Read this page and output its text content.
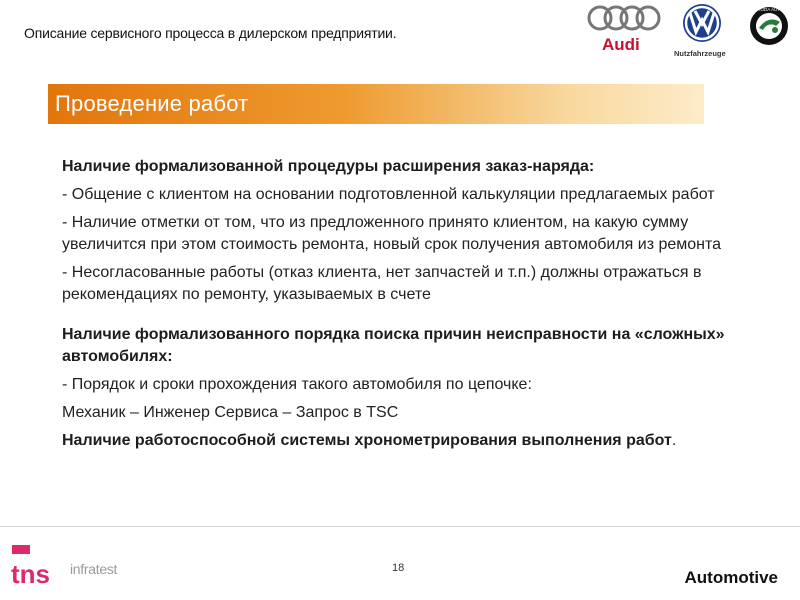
Описание сервисного процесса в дилерском предприятии.
Audi	Nutzfahrzeuge
ŠKODA AUTO
Проведение работ

Наличие формализованной процедуры расширения заказ-наряда:

- Общение с клиентом на основании подготовленной калькуляции предлагаемых работ

- Наличие отметки от том, что из предложенного принято клиентом, на какую сумму увеличится при этом стоимость ремонта, новый срок получения автомобиля из ремонта

- Несогласованные работы (отказ клиента, нет запчастей и т.п.) должны отражаться в рекомендациях по ремонту, указываемых в счете

Наличие формализованного порядка поиска причин неисправности на «сложных» автомобилях:

- Порядок и сроки прохождения такого автомобиля по цепочке:

Механик – Инженер Сервиса – Запрос в TSC

Наличие работоспособной системы хронометрирования выполнения работ.

tns infratest	18	Automotive
